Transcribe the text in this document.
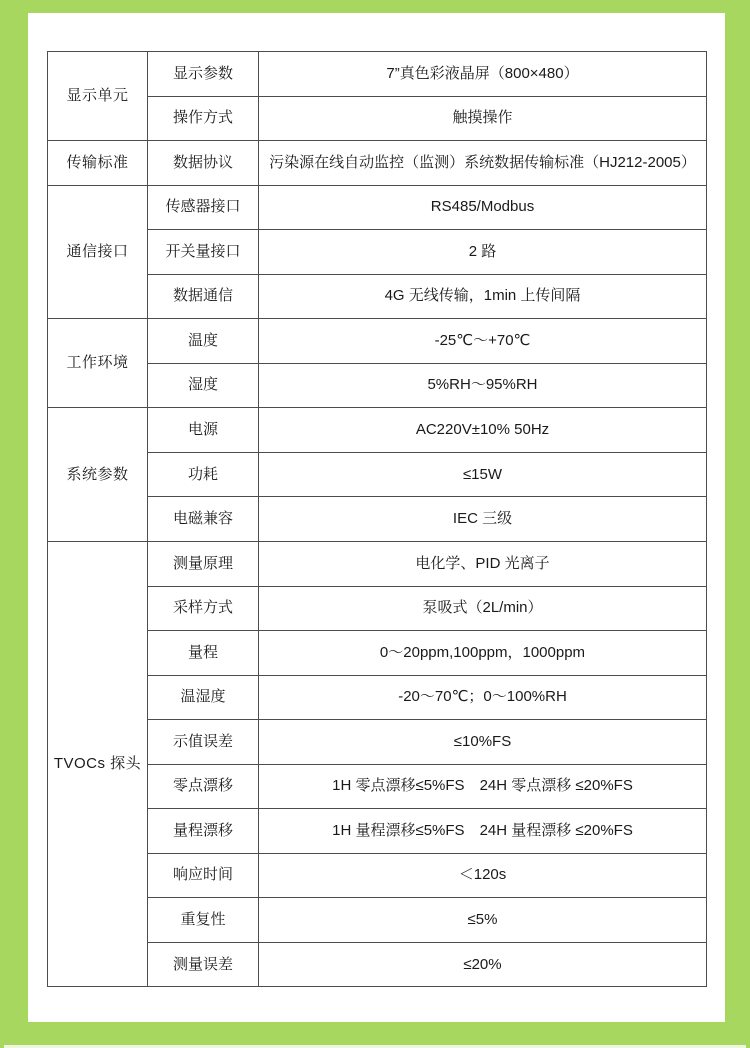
显示单元	显示参数	7”真色彩液晶屏（800×480）
	操作方式	触摸操作
传输标准	数据协议	污染源在线自动监控（监测）系统数据传输标准（HJ212-2005）
通信接口	传感器接口	RS485/Modbus
	开关量接口	2 路
	数据通信	4G 无线传输，1min 上传间隔
工作环境	温度	-25℃～+70℃
	湿度	5%RH～95%RH
系统参数	电源	AC220V±10% 50Hz
	功耗	≤15W
	电磁兼容	IEC 三级
TVOCs 探头	测量原理	电化学、PID 光离子
	采样方式	泵吸式（2L/min）
	量程	0～20ppm,100ppm，1000ppm
	温湿度	-20～70℃；0～100%RH
	示值误差	≤10%FS
	零点漂移	1H 零点漂移≤5%FS　24H 零点漂移 ≤20%FS
	量程漂移	1H 量程漂移≤5%FS　24H 量程漂移 ≤20%FS
	响应时间	＜120s
	重复性	≤5%
	测量误差	≤20%
